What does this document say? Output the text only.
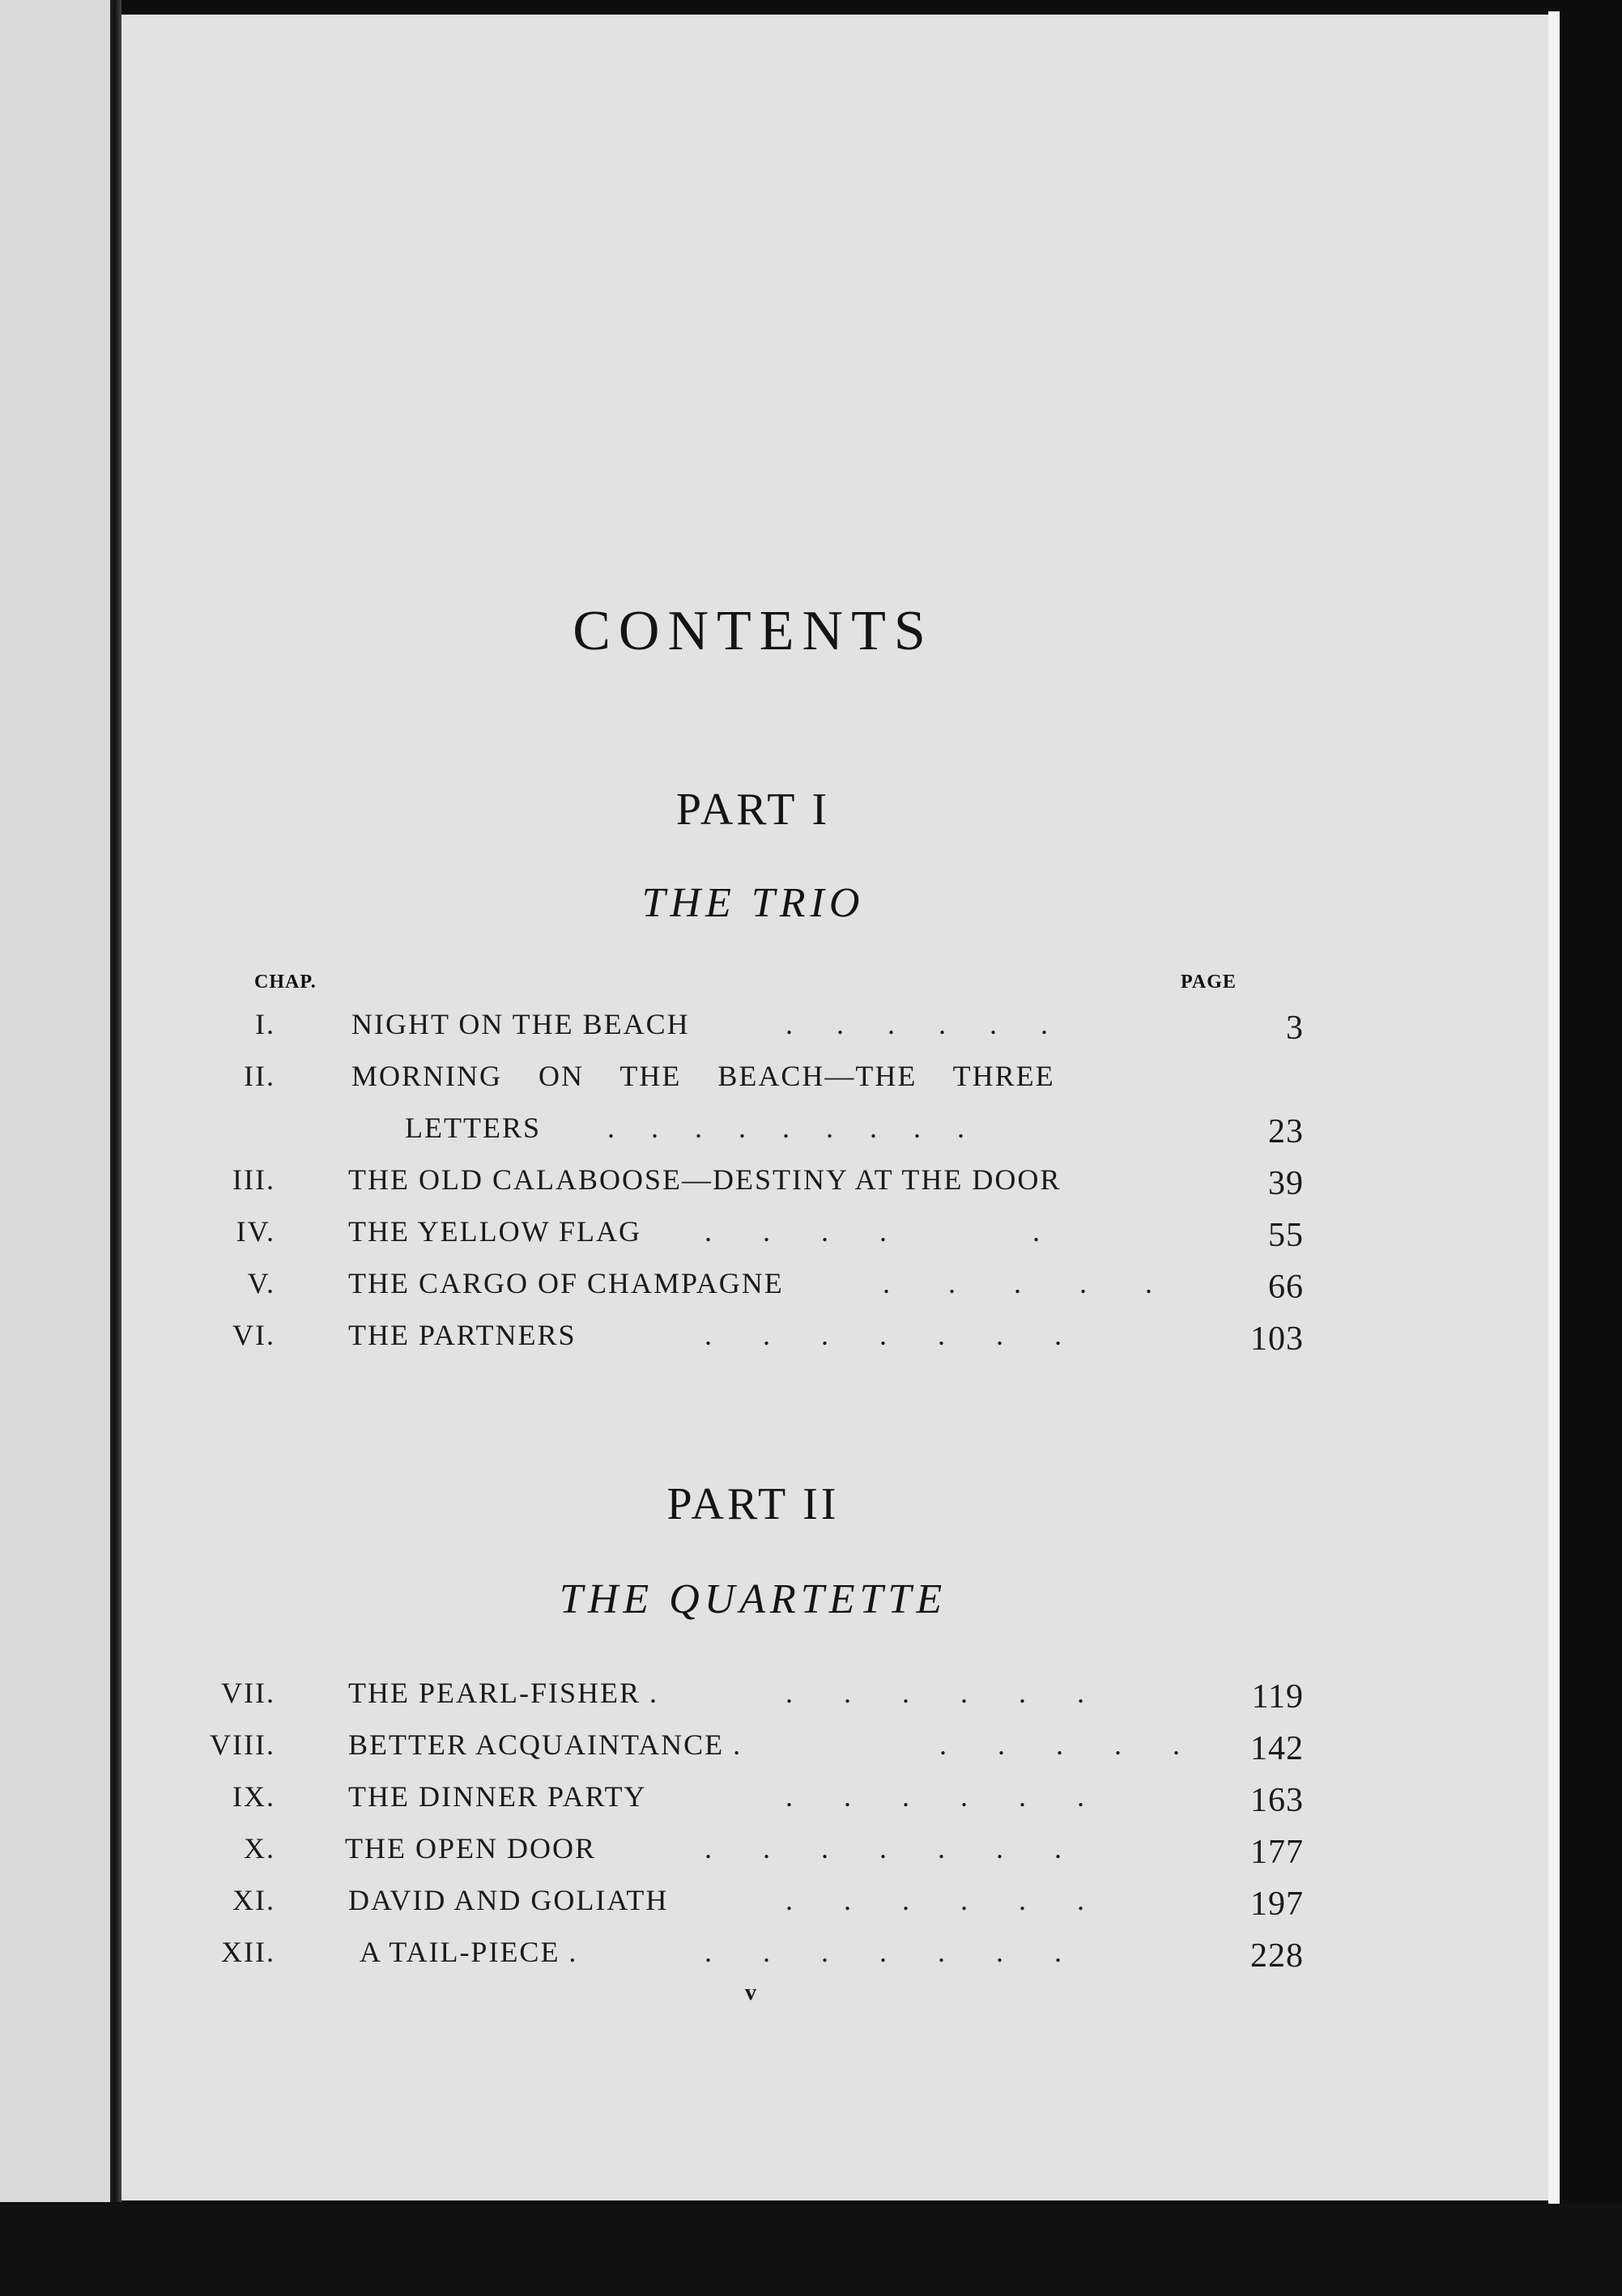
CONTENTS
PART I
THE TRIO
CHAP.	PAGE
I.	NIGHT ON THE BEACH	.      .      .      .      .      .	3
II.	MORNING ON THE BEACH—THE THREE
LETTERS .     .     .     .     .     .     .     .     .	23
III.	THE OLD CALABOOSE—DESTINY AT THE DOOR	39
IV.	THE YELLOW FLAG .       .       .       .                    .	55
V.	THE CARGO OF CHAMPAGNE	.        .        .        .        .	66
VI.	THE PARTNERS	.       .       .       .       .       .       .	103
PART II
THE QUARTETTE
VII.	THE PEARL-FISHER .	.       .       .       .       .       .	119
VIII.	BETTER ACQUAINTANCE .	.       .       .       .       .	142
IX.	THE DINNER PARTY	.       .       .       .       .       .	163
X. THE OPEN DOOR	.       .       .       .       .       .       .	177
XI.	DAVID AND GOLIATH	.       .       .       .       .       .	197
XII.	A TAIL-PIECE .	.       .       .       .       .       .       .	228
v
